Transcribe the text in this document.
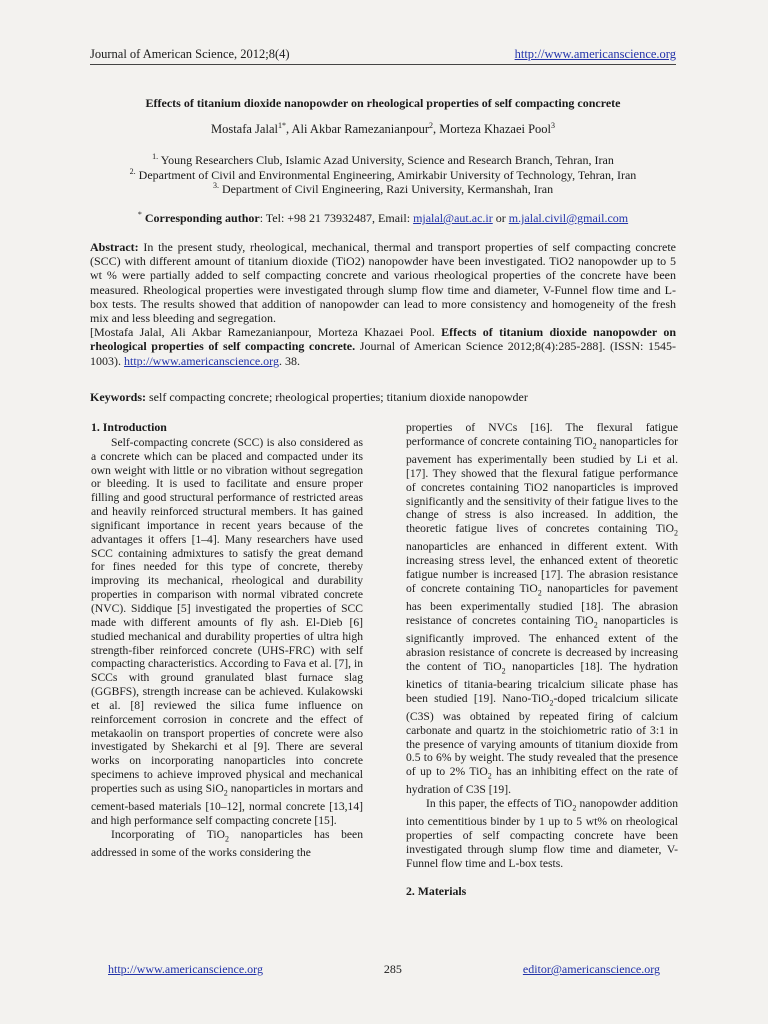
Journal of American Science, 2012;8(4)	http://www.americanscience.org
Effects of titanium dioxide nanopowder on rheological properties of self compacting concrete
Mostafa Jalal$^{1*}$, Ali Akbar Ramezanianpour$^2$, Morteza Khazaei Pool$^3$
$^{1.}$ Young Researchers Club, Islamic Azad University, Science and Research Branch, Tehran, Iran
$^{2.}$ Department of Civil and Environmental Engineering, Amirkabir University of Technology, Tehran, Iran
$^{3.}$ Department of Civil Engineering, Razi University, Kermanshah, Iran
* Corresponding author: Tel: +98 21 73932487, Email: mjalal@aut.ac.ir or m.jalal.civil@gmail.com
Abstract: In the present study, rheological, mechanical, thermal and transport properties of self compacting concrete (SCC) with different amount of titanium dioxide (TiO2) nanopowder have been investigated. TiO2 nanopowder up to 5 wt % were partially added to self compacting concrete and various rheological properties of the concrete have been measured. Rheological properties were investigated through slump flow time and diameter, V-Funnel flow time and L-box tests. The results showed that addition of nanopowder can lead to more consistency and homogeneity of the fresh mix and less bleeding and segregation.
[Mostafa Jalal, Ali Akbar Ramezanianpour, Morteza Khazaei Pool. Effects of titanium dioxide nanopowder on rheological properties of self compacting concrete. Journal of American Science 2012;8(4):285-288]. (ISSN: 1545-1003). http://www.americanscience.org. 38.
Keywords: self compacting concrete; rheological properties; titanium dioxide nanopowder
1. Introduction

Self-compacting concrete (SCC) is also considered as a concrete which can be placed and compacted under its own weight with little or no vibration without segregation or bleeding. It is used to facilitate and ensure proper filling and good structural performance of restricted areas and heavily reinforced structural members. It has gained significant importance in recent years because of the advantages it offers [1–4]. Many researchers have used SCC containing admixtures to satisfy the great demand for fines needed for this type of concrete, thereby improving its mechanical, rheological and durability properties in comparison with normal vibrated concrete (NVC). Siddique [5] investigated the properties of SCC made with different amounts of fly ash. El-Dieb [6] studied mechanical and durability properties of ultra high strength-fiber reinforced concrete (UHS-FRC) with self compacting characteristics. According to Fava et al. [7], in SCCs with ground granulated blast furnace slag (GGBFS), strength increase can be achieved. Kulakowski et al. [8] reviewed the silica fume influence on reinforcement corrosion in concrete and the effect of metakaolin on transport properties of concrete were also investigated by Shekarchi et al [9]. There are several works on incorporating nanoparticles into concrete specimens to achieve improved physical and mechanical properties such as using SiO$_2$ nanoparticles in mortars and cement-based materials [10–12], normal concrete [13,14] and high performance self compacting concrete [15].

Incorporating of TiO$_2$ nanoparticles has been addressed in some of the works considering the

properties of NVCs [16]. The flexural fatigue performance of concrete containing TiO$_2$ nanoparticles for pavement has experimentally been studied by Li et al. [17]. They showed that the flexural fatigue performance of concretes containing TiO2 nanoparticles is improved significantly and the sensitivity of their fatigue lives to the change of stress is also increased. In addition, the theoretic fatigue lives of concretes containing TiO$_2$ nanoparticles are enhanced in different extent. With increasing stress level, the enhanced extent of theoretic fatigue number is increased [17]. The abrasion resistance of concrete containing TiO$_2$ nanoparticles for pavement has been experimentally studied [18]. The abrasion resistance of concretes containing TiO$_2$ nanoparticles is significantly improved. The enhanced extent of the abrasion resistance of concrete is decreased by increasing the content of TiO$_2$ nanoparticles [18]. The hydration kinetics of titania-bearing tricalcium silicate phase has been studied [19]. Nano-TiO$_2$-doped tricalcium silicate (C3S) was obtained by repeated firing of calcium carbonate and quartz in the stoichiometric ratio of 3:1 in the presence of varying amounts of titanium dioxide from 0.5 to 6% by weight. The study revealed that the presence of up to 2% TiO$_2$ has an inhibiting effect on the rate of hydration of C3S [19].

In this paper, the effects of TiO$_2$ nanopowder addition into cementitious binder by 1 up to 5 wt% on rheological properties of self compacting concrete have been investigated through slump flow time and diameter, V-Funnel flow time and L-box tests.

2. Materials
http://www.americanscience.org	285	editor@americanscience.org
